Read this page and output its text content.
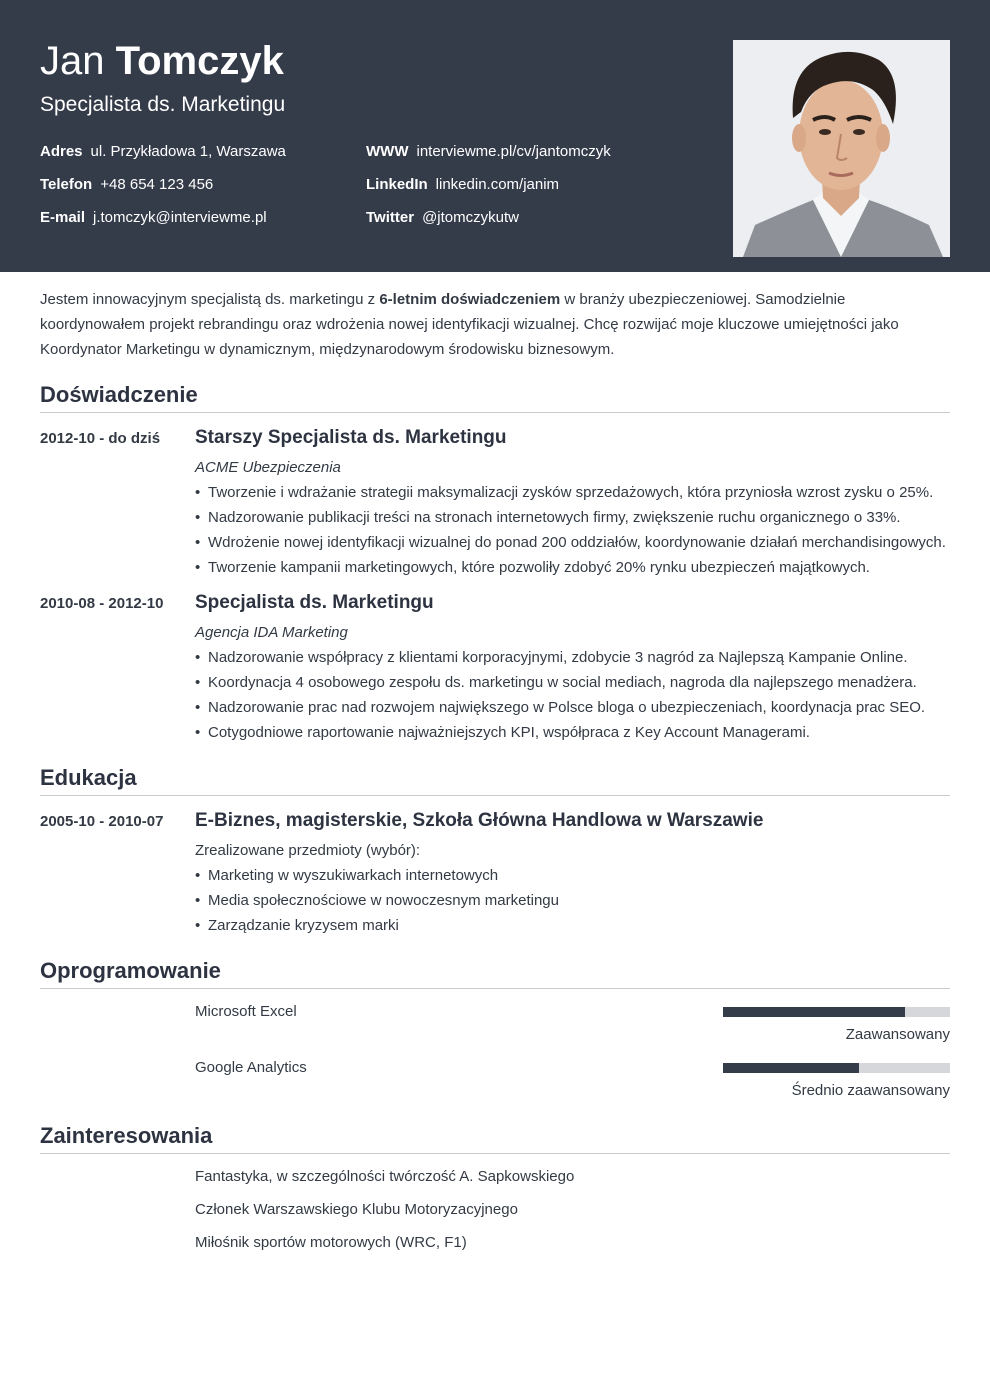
Jan Tomczyk
Specjalista ds. Marketingu
Adres ul. Przykładowa 1, Warszawa
Telefon +48 654 123 456
E-mail j.tomczyk@interviewme.pl
WWW interviewme.pl/cv/jantomczyk
LinkedIn linkedin.com/janim
Twitter @jtomczykutw
Jestem innowacyjnym specjalistą ds. marketingu z 6-letnim doświadczeniem w branży ubezpieczeniowej. Samodzielnie
koordynowałem projekt rebrandingu oraz wdrożenia nowej identyfikacji wizualnej. Chcę rozwijać moje kluczowe umiejętności jako
Koordynator Marketingu w dynamicznym, międzynarodowym środowisku biznesowym.
Doświadczenie
2012-10 - do dziś Starszy Specjalista ds. Marketingu
ACME Ubezpieczenia
• Tworzenie i wdrażanie strategii maksymalizacji zysków sprzedażowych, która przyniosła wzrost zysku o 25%.
• Nadzorowanie publikacji treści na stronach internetowych firmy, zwiększenie ruchu organicznego o 33%.
• Wdrożenie nowej identyfikacji wizualnej do ponad 200 oddziałów, koordynowanie działań merchandisingowych.
• Tworzenie kampanii marketingowych, które pozwoliły zdobyć 20% rynku ubezpieczeń majątkowych.
2010-08 - 2012-10 Specjalista ds. Marketingu
Agencja IDA Marketing
• Nadzorowanie współpracy z klientami korporacyjnymi, zdobycie 3 nagród za Najlepszą Kampanie Online.
• Koordynacja 4 osobowego zespołu ds. marketingu w social mediach, nagroda dla najlepszego menadżera.
• Nadzorowanie prac nad rozwojem największego w Polsce bloga o ubezpieczeniach, koordynacja prac SEO.
• Cotygodniowe raportowanie najważniejszych KPI, współpraca z Key Account Managerami.
Edukacja
2005-10 - 2010-07 E-Biznes, magisterskie, Szkoła Główna Handlowa w Warszawie
Zrealizowane przedmioty (wybór):
• Marketing w wyszukiwarkach internetowych
• Media społecznościowe w nowoczesnym marketingu
• Zarządzanie kryzysem marki
Oprogramowanie
Microsoft Excel
Zaawansowany
Google Analytics
Średnio zaawansowany
Zainteresowania
Fantastyka, w szczególności twórczość A. Sapkowskiego
Członek Warszawskiego Klubu Motoryzacyjnego
Miłośnik sportów motorowych (WRC, F1)
